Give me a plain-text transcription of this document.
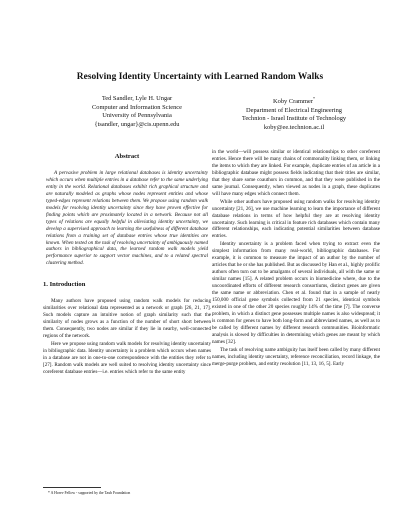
Resolving Identity Uncertainty with Learned Random Walks
Ted Sandler, Lyle H. Ungar
Computer and Information Science
University of Pennsylvania
{tsandler, ungar}@cis.upenn.edu
Koby Crammer*
Department of Electrical Engineering
Technion - Israel Institute of Technology
koby@ee.technion.ac.il
Abstract

A pervasive problem in large relational databases is identity uncertainty which occurs when multiple entries in a database refer to the same underlying entity in the world. Relational databases exhibit rich graphical structure and are naturally modeled as graphs whose nodes represent entities and whose typed-edges represent relations between them. We propose using random walk models for resolving identity uncertainty since they have proven effective for finding points which are proximately located in a network. Because not all types of relations are equally helpful in alleviating identity uncertainty, we develop a supervised approach to learning the usefulness of different database relations from a training set of database entries whose true identities are known. When tested on the task of resolving uncertainty of ambiguously named authors in bibliographical data, the learned random walk models yield performance superior to support vector machines, and to a related spectral clustering method.

1. Introduction

Many authors have proposed using random walk models for reducing similarities over relational data represented as a network or graph [26, 21, 17]. Such models capture an intuitive notion of graph similarity such that the similarity of nodes grows as a function of the number of short short between them. Consequently, two nodes are similar if they lie in nearby, well-connected regions of the network.

Here we propose using random walk models for resolving identity uncertainty in bibliographic data. Identity uncertainty is a problem which occurs when names in a database are not in one-to-one correspondence with the entities they refer to [27]. Random walk models are well suited to resolving identity uncertainty since coreferent database entries—i.e. entries which refer to the same entity

in the world—will possess similar or identical relationships to other coreferent entries. Hence there will be many chains of commonality linking them, or linking the items to which they are linked. For example, duplicate entries of an article in a bibliographic database might possess fields indicating that their titles are similar, that they share some coauthors in common, and that they were published in the same journal. Consequently, when viewed as nodes in a graph, these duplicates will have many edges which connect them.

While other authors have proposed using random walks for resolving identity uncertainty [21, 26], we use machine learning to learn the importance of different database relations in terms of how helpful they are at resolving identity uncertainty. Such learning is critical in feature rich databases which contain many different relationships, each indicating potential similarities between database entries.

Identity uncertainty is a problem faced when trying to extract even the simplest information from many real-world, bibliographic databases. For example, it is common to measure the impact of an author by the number of articles that he or she has published. But as discussed by Han et al., highly prolific authors often turn out to be amalgams of several individuals, all with the same or similar names [15]. A related problem occurs in biomedicine where, due to the uncoordinated efforts of different research consortiums, distinct genes are given the same name or abbreviation. Chen et al. found that in a sample of nearly 150,000 official gene symbols collected from 21 species, identical symbols existed in one of the other 20 species roughly 14% of the time [7]. The converse problem, in which a distinct gene possesses multiple names is also widespread; it is common for genes to have both long-form and abbreviated names, as well as to be called by different names by different research communities. Bioinformatic analysis is slowed by difficulties in determining which genes are meant by which names [32].

The task of resolving name ambiguity has itself been called by many different names, including identity uncertainty, reference reconciliation, record linkage, the merge-purge problem, and entity resolution [11, 13, 16, 5]. Early

* A Horev Fellow - supported by the Taub Foundation
